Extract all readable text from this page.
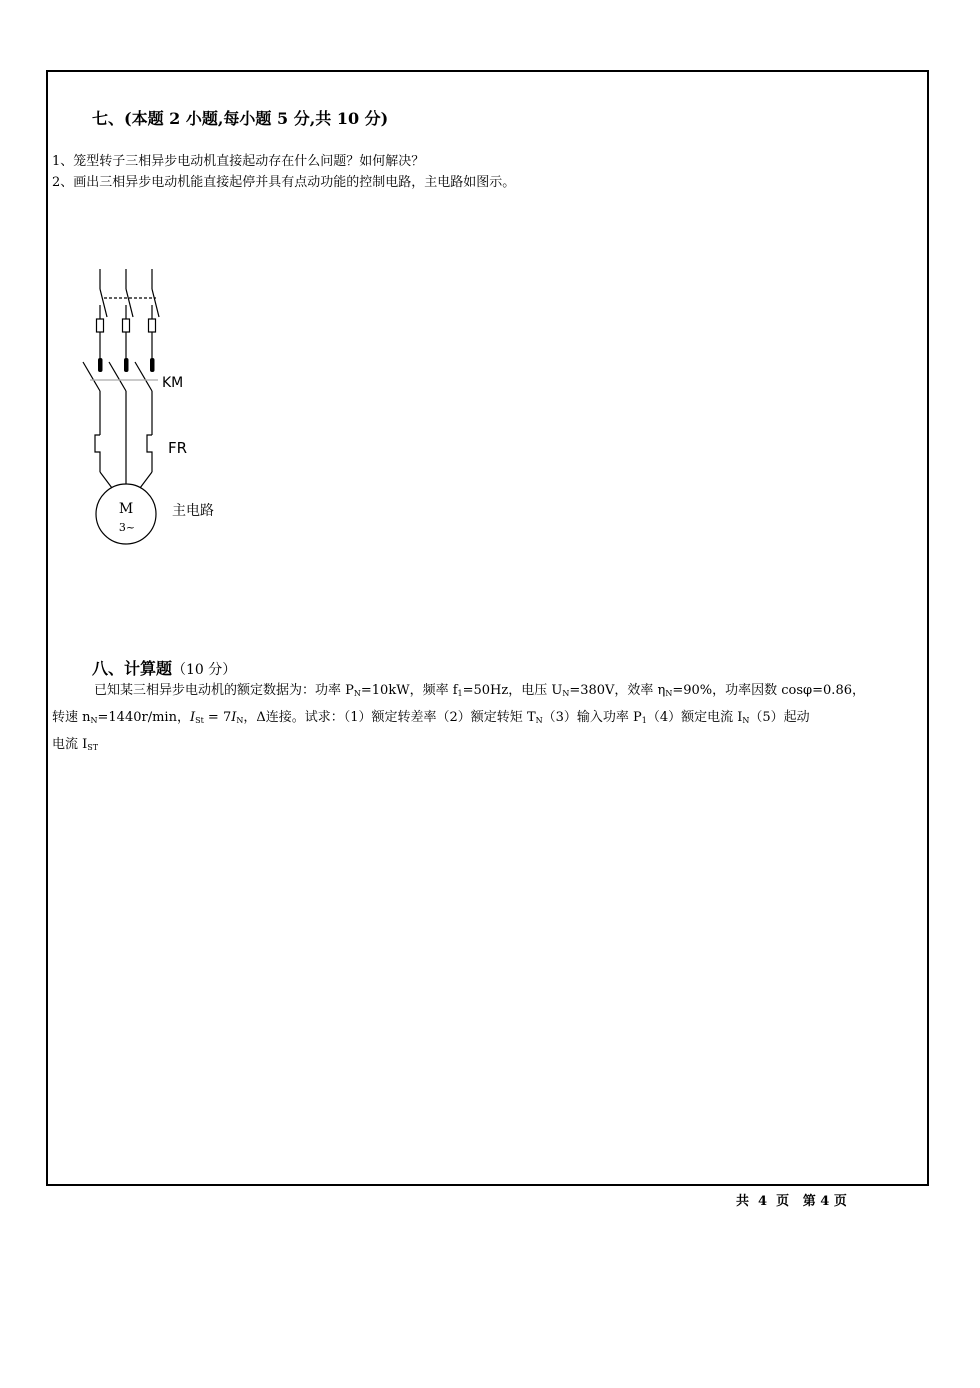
七、(本题 2 小题,每小题 5 分,共 10 分)
1、笼型转子三相异步电动机直接起动存在什么问题？如何解决？
2、画出三相异步电动机能直接起停并具有点动功能的控制电路，主电路如图示。
KM
FR
M
3~
主电路
八、计算题（10 分）
已知某三相异步电动机的额定数据为：功率 $P_N=10kW$，频率 $f_1=50Hz$，电压 $U_N=380V$，效率 $\eta_N=90\%$，功率因数 cosφ=0.86，
转速 $n_N=1440r/\min$，$I_{St} = 7I_N$，Δ连接。试求：（1）额定转差率（2）额定转矩 $T_N(3)$输入功率 $P_1(4)$额定电流 $I_N(5)$起动
电流 $I_{ST}$
共  4  页 第 4 页
